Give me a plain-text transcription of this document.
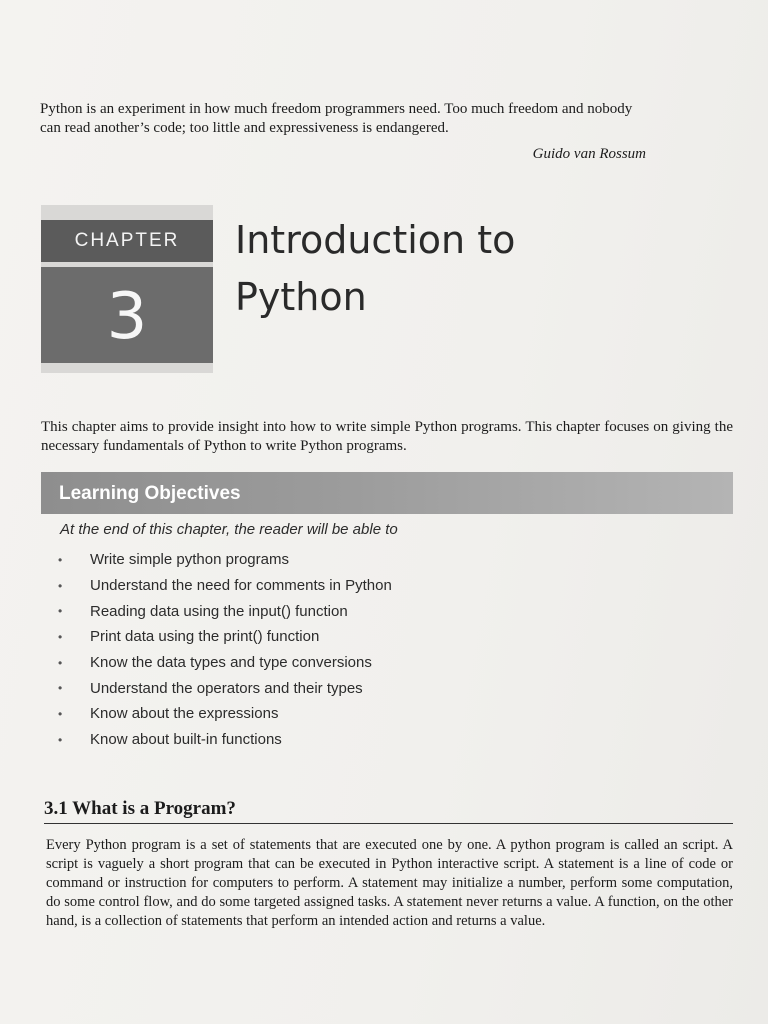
Python is an experiment in how much freedom programmers need. Too much freedom and nobody can read another’s code; too little and expressiveness is endangered.
Guido van Rossum
CHAPTER
3
Introduction to
Python
This chapter aims to provide insight into how to write simple Python programs. This chapter focuses on giving the necessary fundamentals of Python to write Python programs.
Learning Objectives
At the end of this chapter, the reader will be able to
•	Write simple python programs
•	Understand the need for comments in Python
•	Reading data using the input() function
•	Print data using the print() function
•	Know the data types and type conversions
•	Understand the operators and their types
•	Know about the expressions
•	Know about built-in functions
3.1 What is a Program?
Every Python program is a set of statements that are executed one by one. A python program is called an script. A script is vaguely a short program that can be executed in Python interactive script. A statement is a line of code or command or instruction for computers to perform. A statement may initialize a number, perform some computation, do some control flow, and do some targeted assigned tasks. A statement never returns a value. A function, on the other hand, is a collection of statements that perform an intended action and returns a value.
